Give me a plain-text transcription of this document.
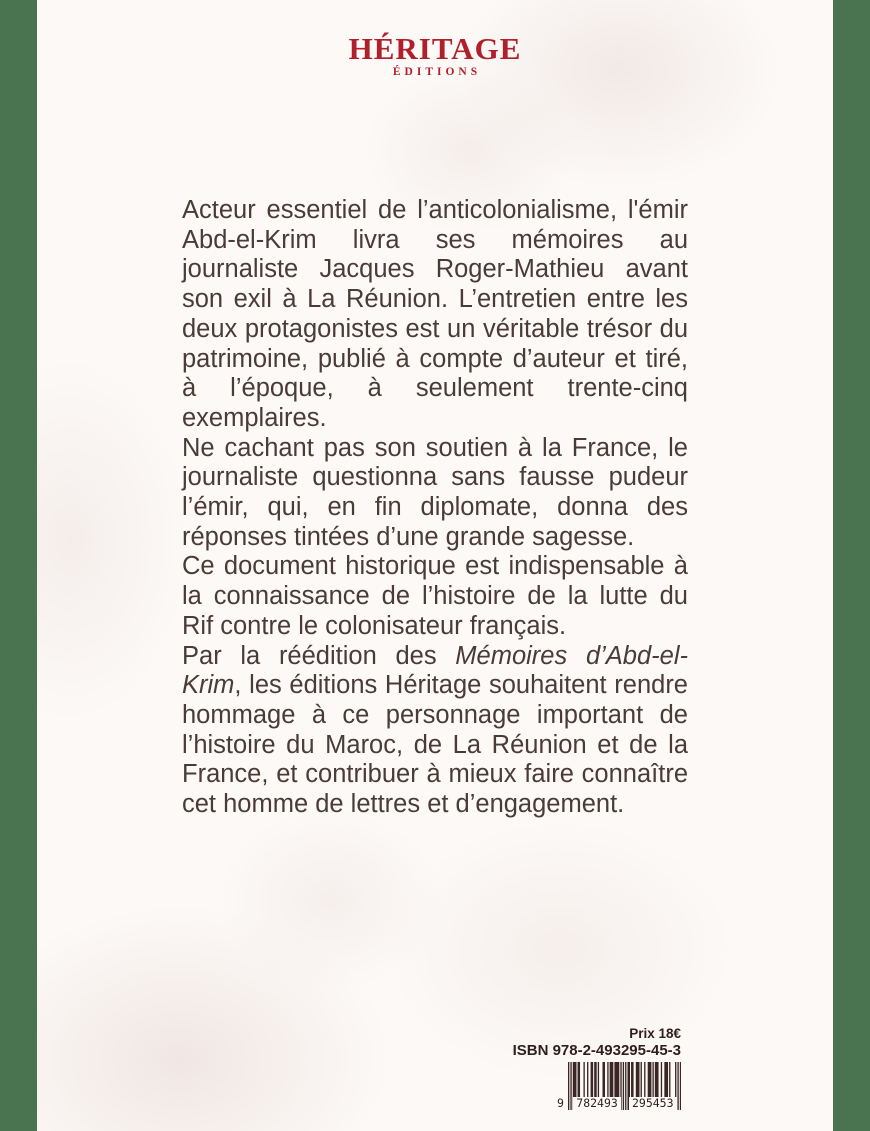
HÉRITAGE
ÉDITIONS

Acteur essentiel de l’anticolonialisme, l'émir Abd-el-Krim livra ses mémoires au journaliste Jacques Roger-Mathieu avant son exil à La Réunion. L’entretien entre les deux protagonistes est un véritable trésor du patrimoine, publié à compte d’auteur et tiré, à l’époque, à seulement trente-cinq exemplaires.

Ne cachant pas son soutien à la France, le journaliste questionna sans fausse pudeur l’émir, qui, en fin diplomate, donna des réponses tintées d’une grande sagesse.

Ce document historique est indispensable à la connaissance de l’histoire de la lutte du Rif contre le colonisateur français.

Par la réédition des Mémoires d’Abd-el-Krim, les éditions Héritage souhaitent rendre hommage à ce personnage important de l’histoire du Maroc, de La Réunion et de la France, et contribuer à mieux faire connaître cet homme de lettres et d’engagement.

Prix 18€
ISBN 978-2-493295-45-3
9	782493	295453
